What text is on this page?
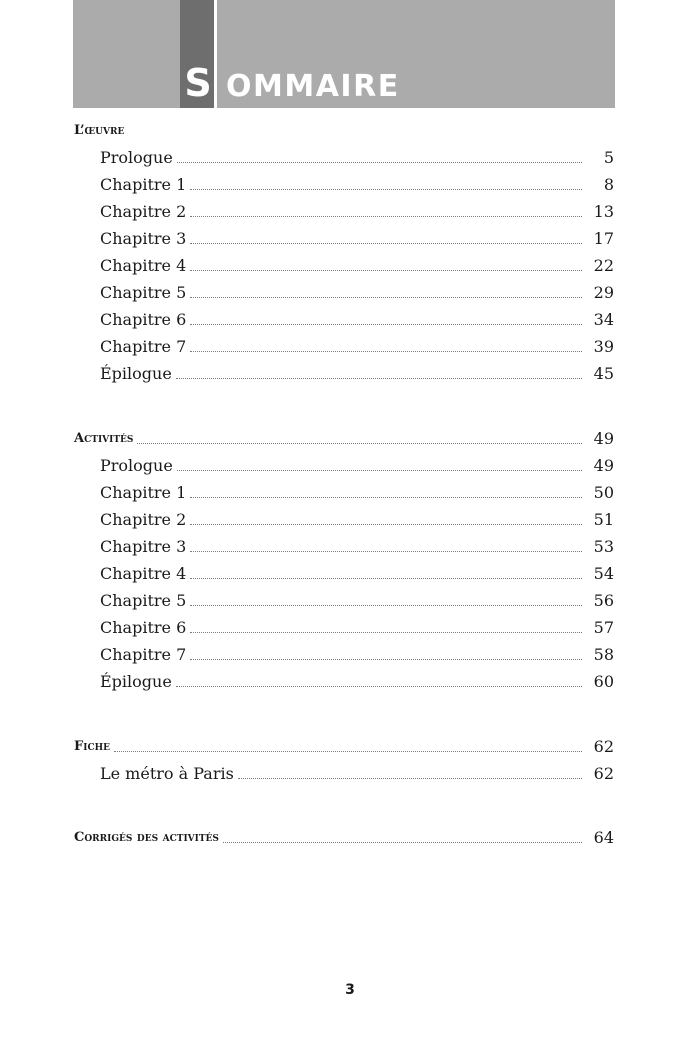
S OMMAIRE
L’œuvre
Prologue	5
Chapitre 1	8
Chapitre 2	13
Chapitre 3	17
Chapitre 4	22
Chapitre 5	29
Chapitre 6	34
Chapitre 7	39
Épilogue	45
Activités	49
Prologue	49
Chapitre 1	50
Chapitre 2	51
Chapitre 3	53
Chapitre 4	54
Chapitre 5	56
Chapitre 6	57
Chapitre 7	58
Épilogue	60
Fiche	62
Le métro à Paris	62
Corrigés des activités	64
3
